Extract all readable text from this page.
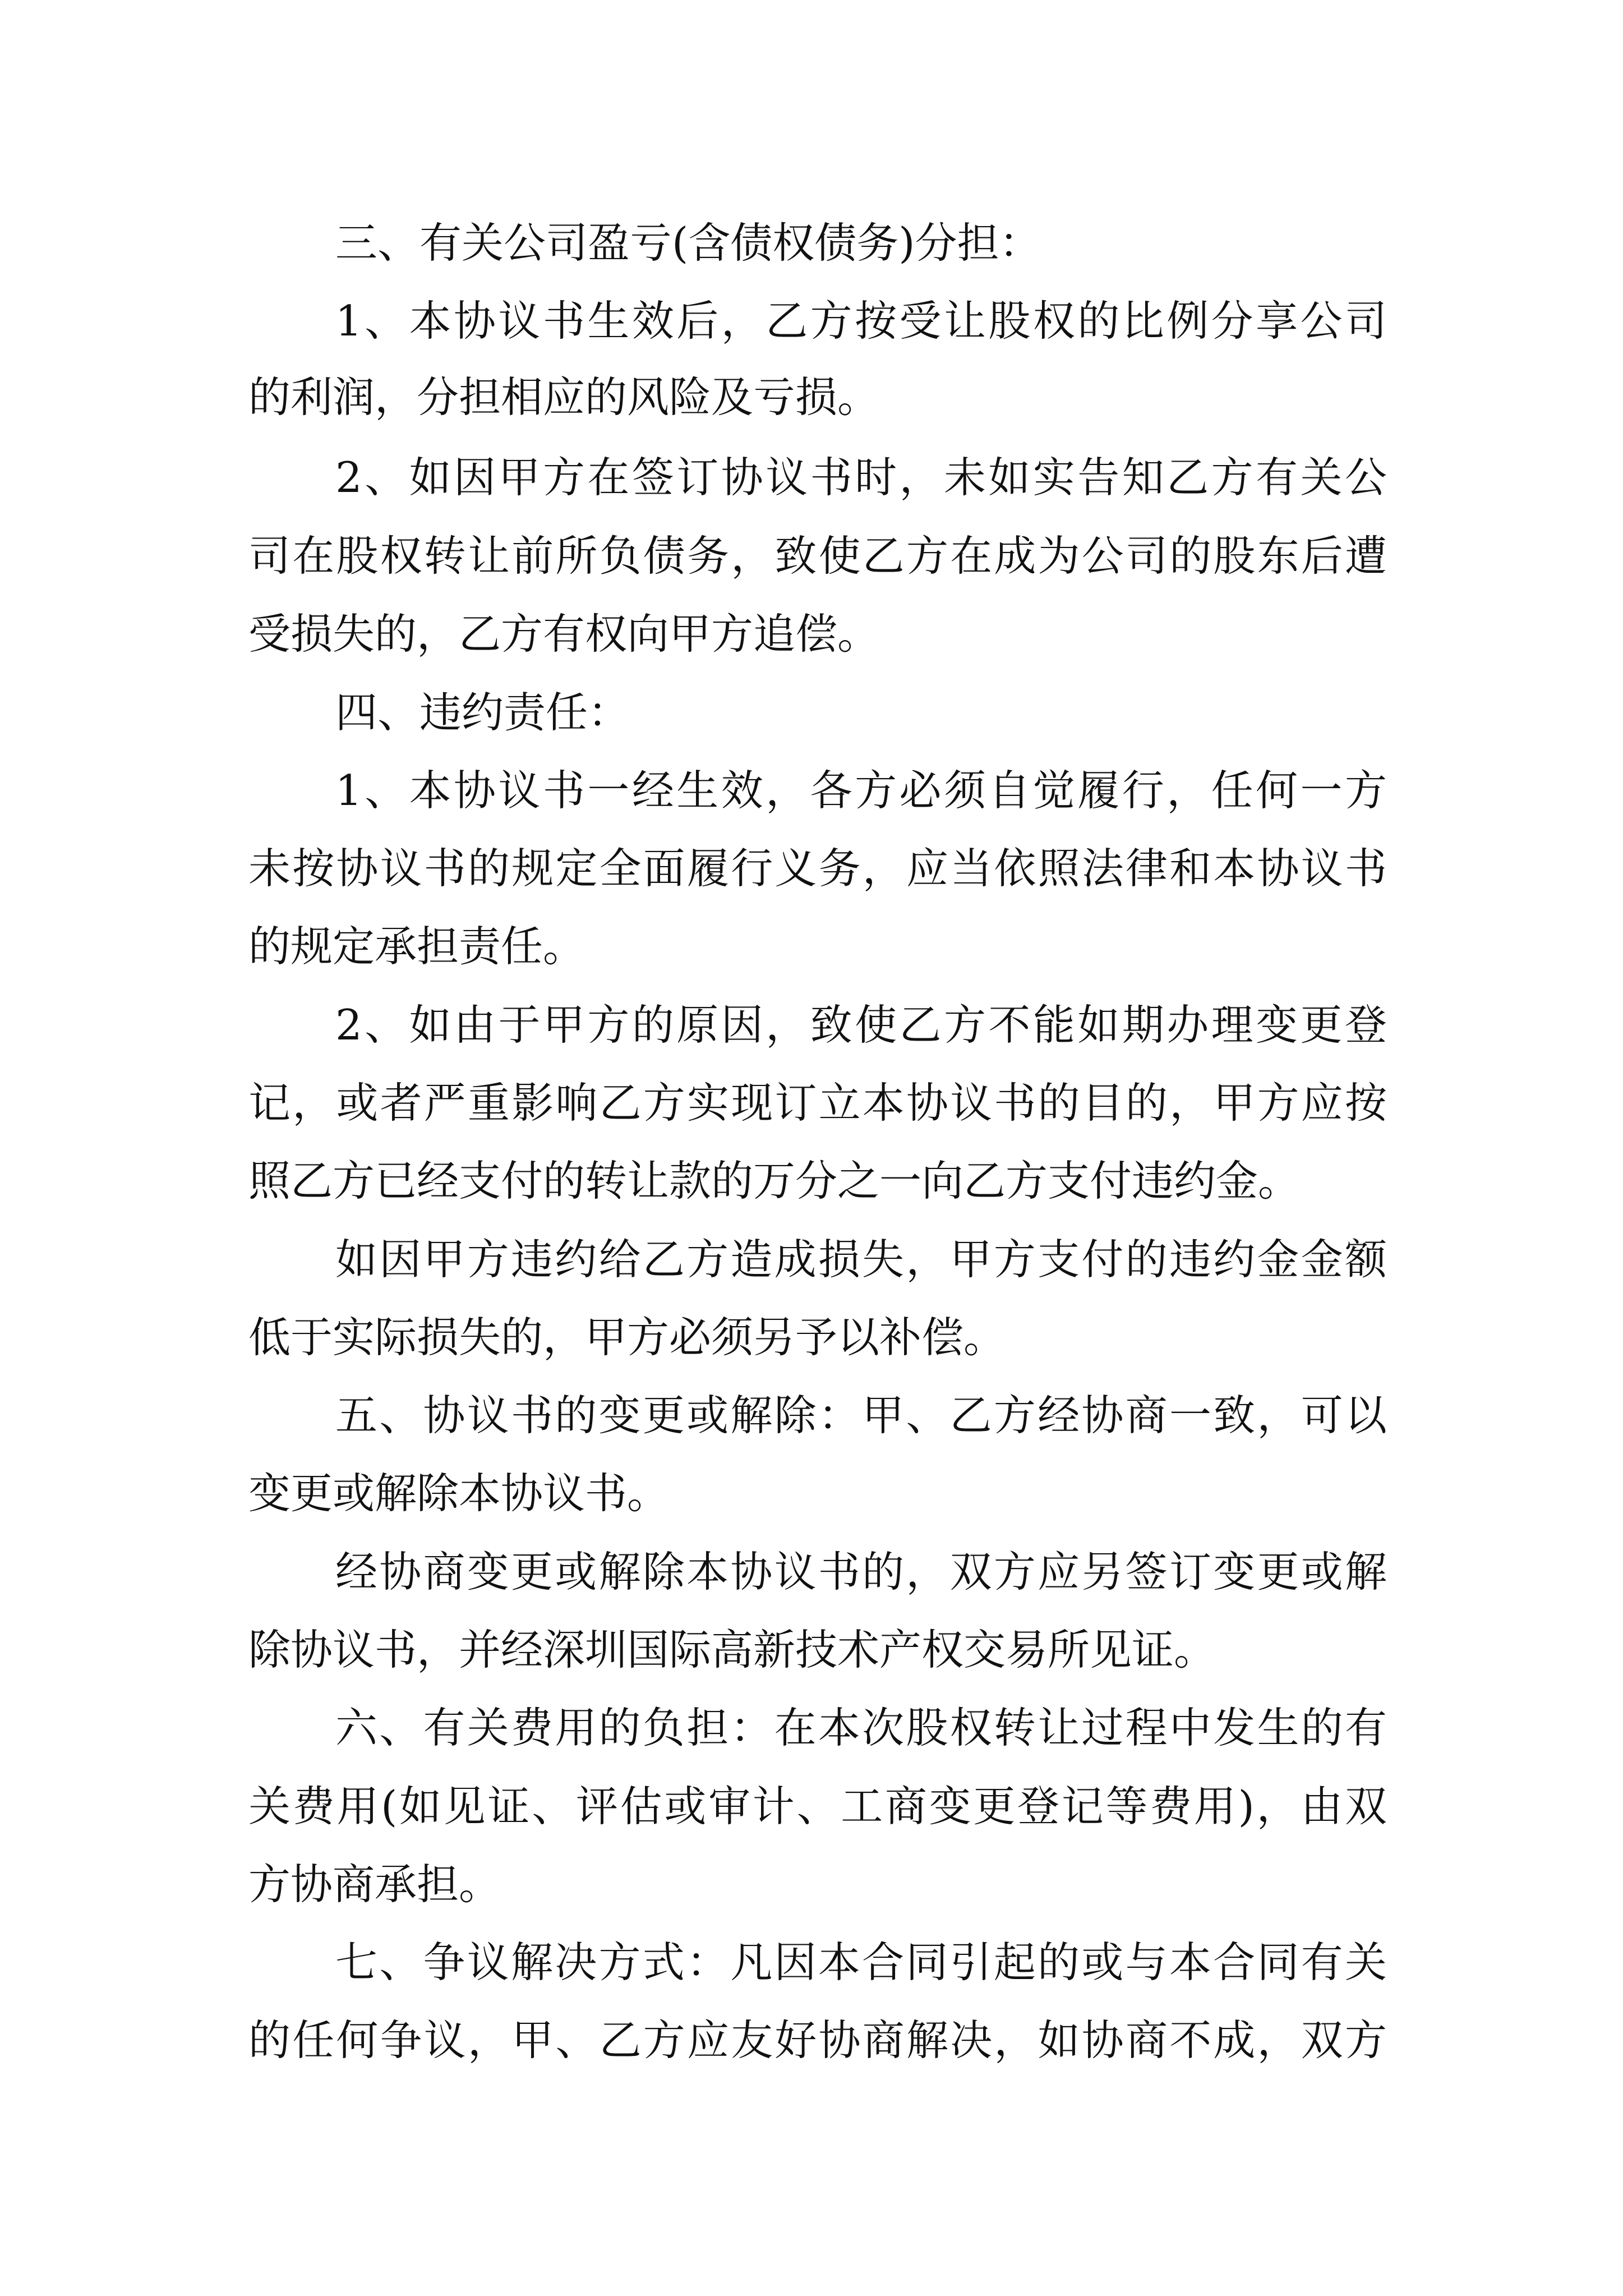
三、有关公司盈亏(含债权债务)分担：
1、本协议书生效后，乙方按受让股权的比例分享公司
的利润，分担相应的风险及亏损。
2、如因甲方在签订协议书时，未如实告知乙方有关公
司在股权转让前所负债务，致使乙方在成为公司的股东后遭
受损失的，乙方有权向甲方追偿。
四、违约责任：
1、本协议书一经生效，各方必须自觉履行，任何一方
未按协议书的规定全面履行义务，应当依照法律和本协议书
的规定承担责任。
2、如由于甲方的原因，致使乙方不能如期办理变更登
记，或者严重影响乙方实现订立本协议书的目的，甲方应按
照乙方已经支付的转让款的万分之一向乙方支付违约金。
如因甲方违约给乙方造成损失，甲方支付的违约金金额
低于实际损失的，甲方必须另予以补偿。
五、协议书的变更或解除：甲、乙方经协商一致，可以
变更或解除本协议书。
经协商变更或解除本协议书的，双方应另签订变更或解
除协议书，并经深圳国际高新技术产权交易所见证。
六、有关费用的负担：在本次股权转让过程中发生的有
关费用(如见证、评估或审计、工商变更登记等费用)，由双
方协商承担。
七、争议解决方式：凡因本合同引起的或与本合同有关
的任何争议，甲、乙方应友好协商解决，如协商不成，双方
